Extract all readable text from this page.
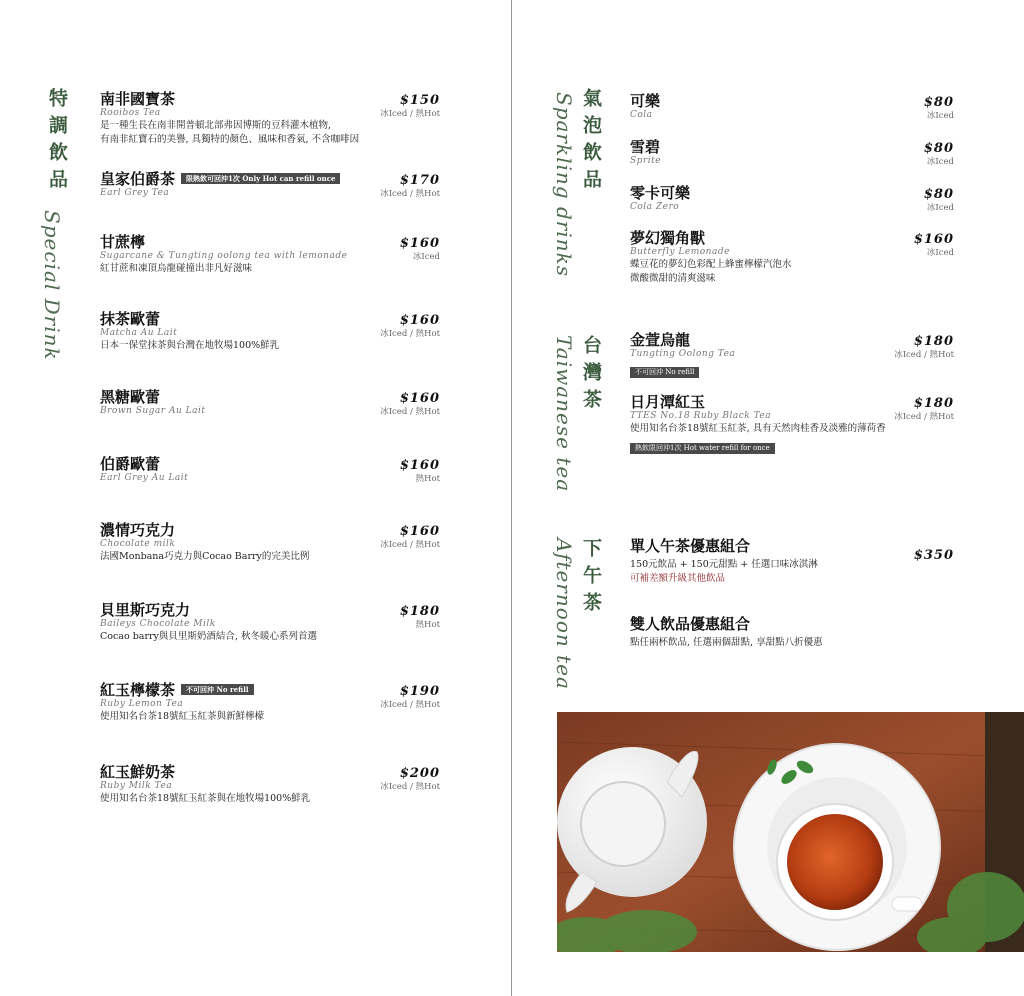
特調飲品
Special Drink
氣泡飲品
Sparkling drinks
台灣茶
Taiwanese tea
下午茶
Afternoon tea
南非國寶茶
Rooibos Tea
是一種生長在南非開普頓北部弗因博斯的豆科灌木植物,
有南非紅寶石的美譽, 具獨特的顏色、風味和香氣, 不含咖啡因
$150
冰Iced / 熱Hot
皇家伯爵茶 限熱飲可回沖1次 Only Hot can refill once
Earl Grey Tea
$170
冰Iced / 熱Hot
甘蔗檸
Sugarcane & Tungting oolong tea with lemonade
紅甘蔗和凍頂烏龍碰撞出非凡好滋味
$160
冰Iced
抹茶歐蕾
Matcha Au Lait
日本一保堂抹茶與台灣在地牧場100%鮮乳
$160
冰Iced / 熱Hot
黑糖歐蕾
Brown Sugar Au Lait
$160
冰Iced / 熱Hot
伯爵歐蕾
Earl Grey Au Lait
$160
熱Hot
濃情巧克力
Chocolate milk
法國Monbana巧克力與Cocao Barry的完美比例
$160
冰Iced / 熱Hot
貝里斯巧克力
Baileys Chocolate Milk
Cocao barry與貝里斯奶酒結合, 秋冬暖心系列首選
$180
熱Hot
紅玉檸檬茶 不可回沖 No refill
Ruby Lemon Tea
使用知名台茶18號紅玉紅茶與新鮮檸檬
$190
冰Iced / 熱Hot
紅玉鮮奶茶
Ruby Milk Tea
使用知名台茶18號紅玉紅茶與在地牧場100%鮮乳
$200
冰Iced / 熱Hot
可樂
Cola
$80
冰Iced
雪碧
Sprite
$80
冰Iced
零卡可樂
Cola Zero
$80
冰Iced
夢幻獨角獸
Butterfly Lemonade
蝶豆花的夢幻色彩配上蜂蜜檸檬汽泡水
微酸微甜的清爽滋味
$160
冰Iced
金萱烏龍
Tungting Oolong Tea
不可回沖 No refill
$180
冰Iced / 熱Hot
日月潭紅玉
TTES No.18 Ruby Black Tea
使用知名台茶18號紅玉紅茶, 具有天然肉桂香及淡雅的薄荷香
熱飲限回沖1次 Hot water refill for once
$180
冰Iced / 熱Hot
單人午茶優惠組合
150元飲品 + 150元甜點 + 任選口味冰淇淋
可補差額升級其他飲品
$350
雙人飲品優惠組合
點任兩杯飲品, 任選兩個甜點, 享甜點八折優惠
